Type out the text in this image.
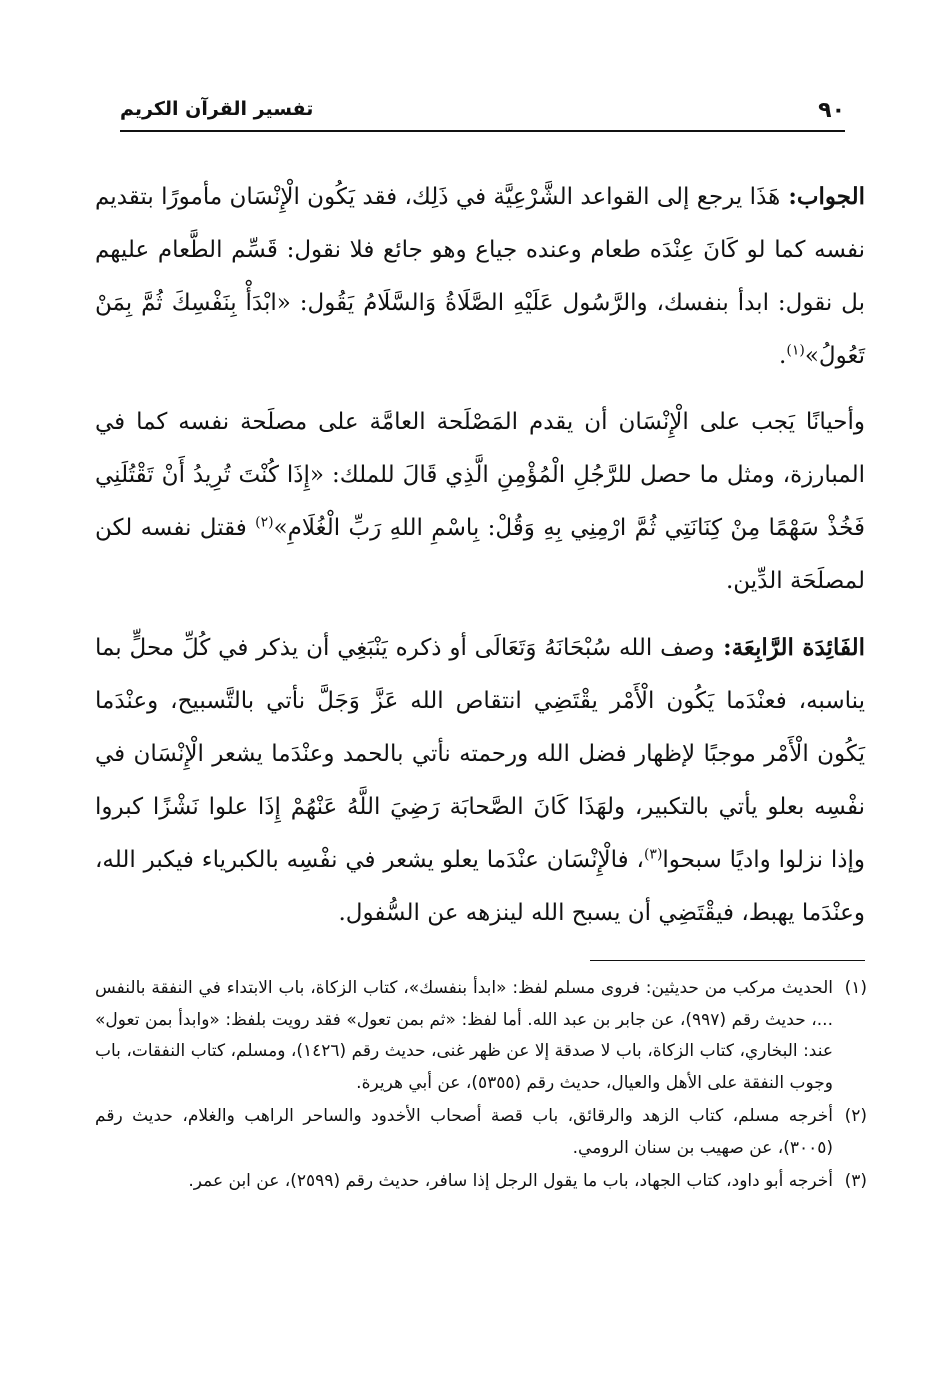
٩٠
تفسير القرآن الكريم

الجواب: هَذَا يرجع إلى القواعد الشَّرْعِيَّة في ذَلِك، فقد يَكُون الْإِنْسَان مأمورًا بتقديم نفسه كما لو كَانَ عِنْدَه طعام وعنده جياع وهو جائع فلا نقول: قَسِّم الطَّعام عليهم بل نقول: ابدأ بنفسك، والرَّسُول عَلَيْهِ الصَّلَاةُ وَالسَّلَامُ يَقُول: «ابْدَأْ بِنَفْسِكَ ثُمَّ بِمَنْ تَعُولُ»$^{(١)}$.

وأحيانًا يَجب على الْإِنْسَان أن يقدم المَصْلَحة العامَّة على مصلَحة نفسه كما في المبارزة، ومثل ما حصل للرَّجُلِ الْمُؤْمِنِ الَّذِي قَالَ للملك: «إِذَا كُنْتَ تُرِيدُ أَنْ تَقْتُلَنِي فَخُذْ سَهْمًا مِنْ كِنَانَتِي ثُمَّ ارْمِنِي بِهِ وَقُلْ: بِاسْمِ اللهِ رَبِّ الْغُلَامِ»$^{(٢)}$ فقتل نفسه لكن لمصلَحَة الدِّين.

الفَائِدَة الرَّابِعَة: وصف الله سُبْحَانَهُ وَتَعَالَى أو ذكره يَنْبَغِي أن يذكر في كُلِّ محلٍّ بما يناسبه، فعنْدَما يَكُون الْأَمْر يقْتَضِي انتقاص الله عَزَّ وَجَلَّ نأتي بالتَّسبيح، وعنْدَما يَكُون الْأَمْر موجبًا لإظهار فضل الله ورحمته نأتي بالحمد وعنْدَما يشعر الْإِنْسَان في نفْسِه بعلو يأتي بالتكبير، ولهَذَا كَانَ الصَّحابَة رَضِيَ اللَّهُ عَنْهُمْ إِذَا علوا نَشْزًا كبروا وإذا نزلوا واديًا سبحوا$^{(٣)}$، فالْإِنْسَان عنْدَما يعلو يشعر في نفْسِه بالكبرياء فيكبر الله، وعنْدَما يهبط، فيقْتَضِي أن يسبح الله لينزهه عن السُّفول.

(١)
الحديث مركب من حديثين: فروى مسلم لفظ: «ابدأ بنفسك»، كتاب الزكاة، باب الابتداء في النفقة بالنفس ...، حديث رقم (٩٩٧)، عن جابر بن عبد الله. أما لفظ: «ثم بمن تعول» فقد رويت بلفظ: «وابدأ بمن تعول» عند: البخاري، كتاب الزكاة، باب لا صدقة إلا عن ظهر غنى، حديث رقم (١٤٢٦)، ومسلم، كتاب النفقات، باب وجوب النفقة على الأهل والعيال، حديث رقم (٥٣٥٥)، عن أبي هريرة.

(٢)
أخرجه مسلم، كتاب الزهد والرقائق، باب قصة أصحاب الأخدود والساحر الراهب والغلام، حديث رقم (٣٠٠٥)، عن صهيب بن سنان الرومي.

(٣)
أخرجه أبو داود، كتاب الجهاد، باب ما يقول الرجل إذا سافر، حديث رقم (٢٥٩٩)، عن ابن عمر.
